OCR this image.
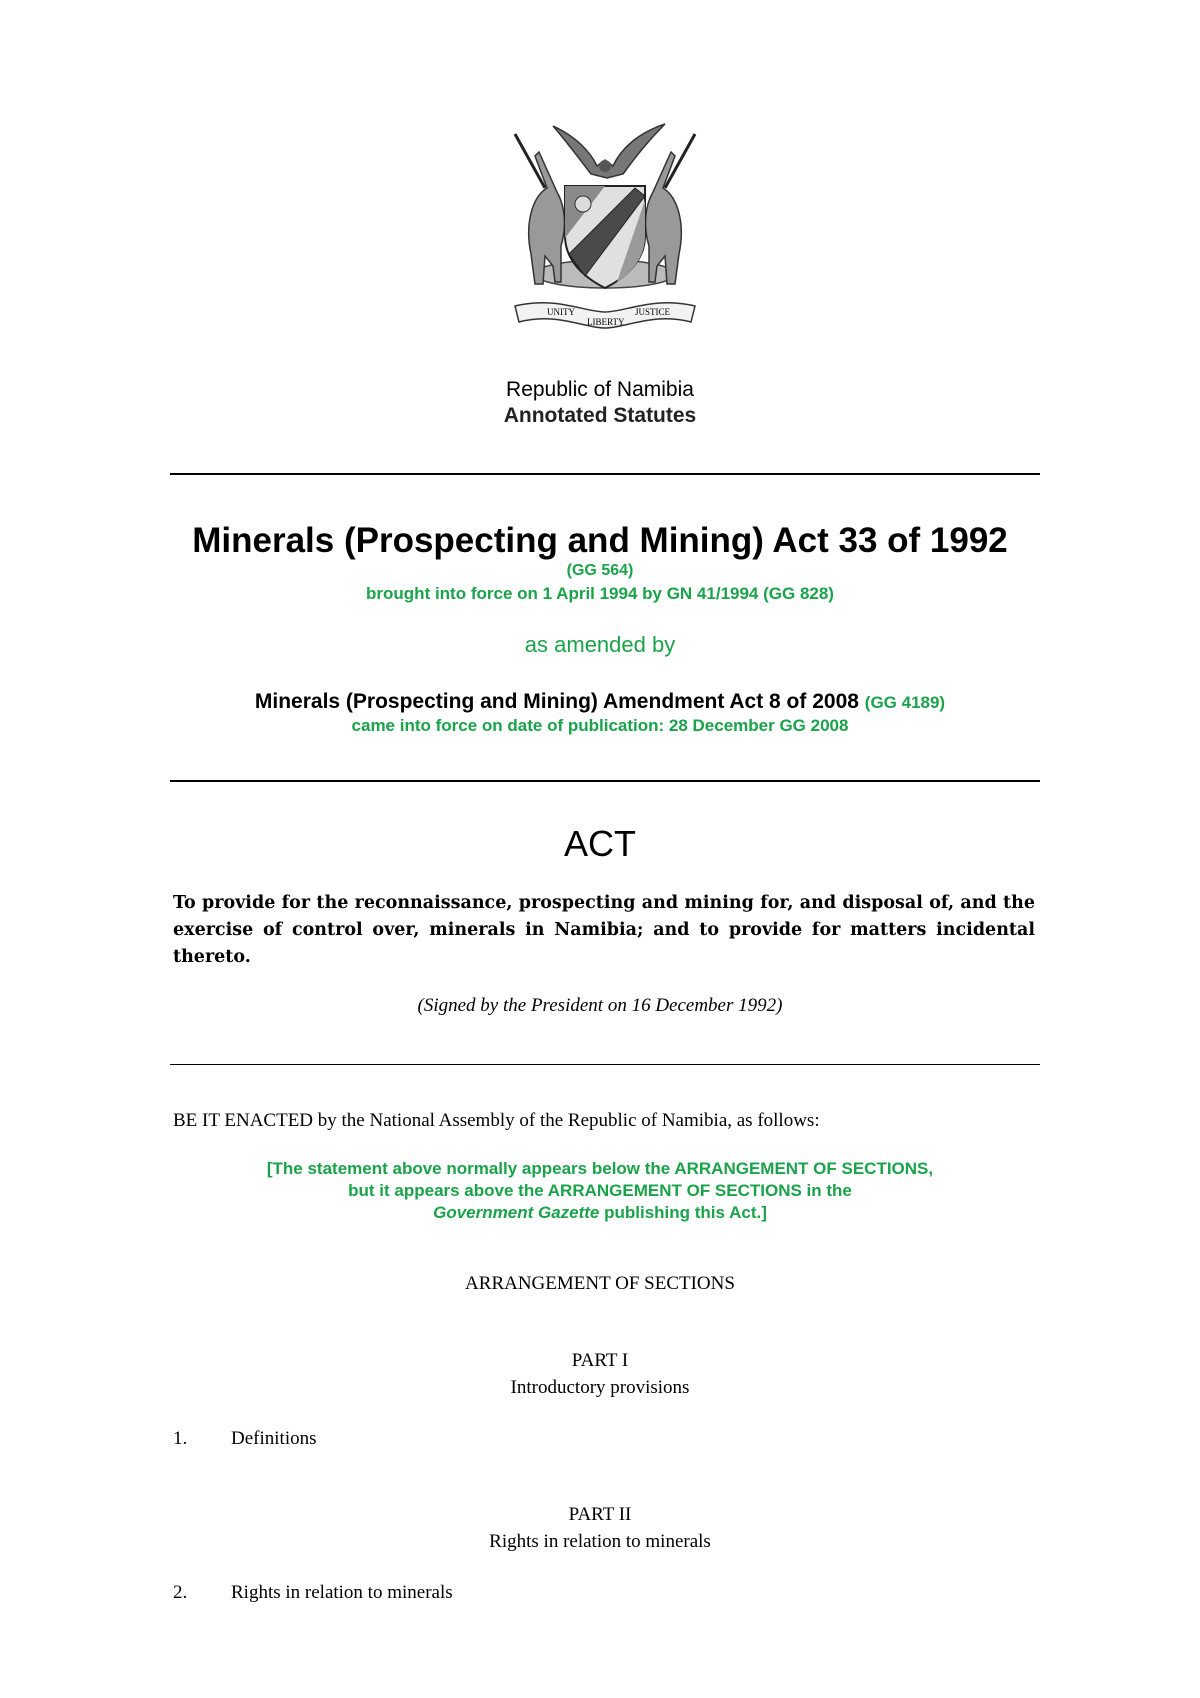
UNITY
LIBERTY
JUSTICE
Republic of Namibia
Annotated Statutes
Minerals (Prospecting and Mining) Act 33 of 1992
(GG 564)
brought into force on 1 April 1994 by GN 41/1994 (GG 828)
as amended by
Minerals (Prospecting and Mining) Amendment Act 8 of 2008 (GG 4189)
came into force on date of publication: 28 December GG 2008
ACT
To provide for the reconnaissance, prospecting and mining for, and disposal of, and the exercise of control over, minerals in Namibia; and to provide for matters incidental thereto.
(Signed by the President on 16 December 1992)
BE IT ENACTED by the National Assembly of the Republic of Namibia, as follows:
[The statement above normally appears below the ARRANGEMENT OF SECTIONS,
but it appears above the ARRANGEMENT OF SECTIONS in the
Government Gazette publishing this Act.]
ARRANGEMENT OF SECTIONS
PART I
Introductory provisions
1. Definitions
PART II
Rights in relation to minerals
2. Rights in relation to minerals
